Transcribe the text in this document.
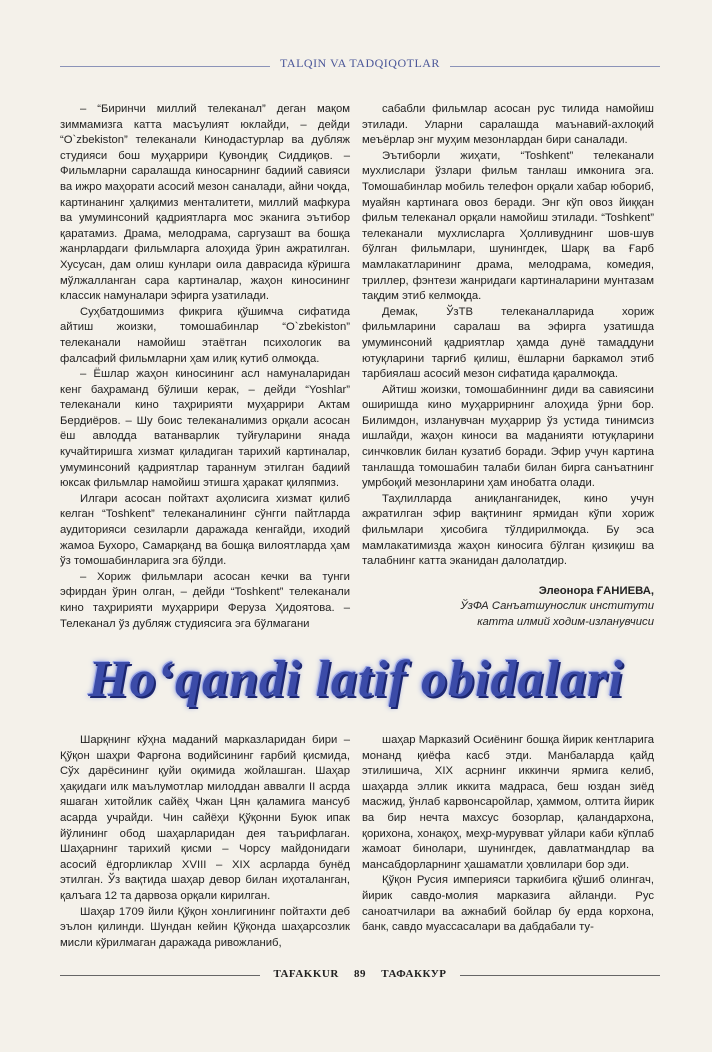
TALQIN VA TADQIQOTLAR

– “Биринчи миллий телеканал” деган мақом зиммамизга катта масъулият юклайди, – дейди “O`zbekiston” телеканали Кинодастурлар ва дубляж студияси бош муҳаррири Қувондиқ Сиддиқов. – Фильмларни саралашда киносарнинг бадиий савияси ва ижро маҳорати асосий мезон саналади, айни чоқда, картинанинг ҳалқимиз менталитети, миллий мафкура ва умуминсоний қадриятларга мос эканига эътибор қаратамиз. Драма, мелодрама, саргузашт ва бошқа жанрлардаги фильмларга алоҳида ўрин ажратилган. Хусусан, дам олиш кунлари оила даврасида кўришга мўлжалланган сара картиналар, жаҳон киносининг классик намуналари эфирга узатилади.

Суҳбатдошимиз фикрига қўшимча сифатида айтиш жоизки, томошабинлар “O`zbekiston” телеканали намойиш этаётган психологик ва фалсафий фильмларни ҳам илиқ кутиб олмоқда.

– Ёшлар жаҳон киносининг асл намуналаридан кенг баҳраманд бўлиши керак, – дейди “Yoshlar” телеканали кино таҳририяти муҳаррири Актам Бердиёров. – Шу боис телеканалимиз орқали асосан ёш авлодда ватанварлик туйғуларини янада кучайтиришга хизмат қиладиган тарихий картиналар, умуминсоний қадриятлар тараннум этилган бадиий юксак фильмлар намойиш этишга ҳаракат қиляпмиз.

Илгари асосан пойтахт аҳолисига хизмат қилиб келган “Toshkent” телеканалининг сўнгги пайтларда аудиторияси сезиларли даражада кенгайди, иходий жамоа Бухоро, Самарқанд ва бошқа вилоятларда ҳам ўз томошабинларига эга бўлди.

– Хориж фильмлари асосан кечки ва тунги эфирдан ўрин олган, – дейди “Toshkent” телеканали кино таҳририяти муҳаррири Феруза Ҳидоятова. – Телеканал ўз дубляж студиясига эга бўлмагани

сабабли фильмлар асосан рус тилида намойиш этилади. Уларни саралашда маънавий-ахлоқий меъёрлар энг муҳим мезонлардан бири саналади.

Эътиборли жиҳати, “Toshkent” телеканали мухлислари ўзлари фильм танлаш имконига эга. Томошабинлар мобиль телефон орқали хабар юбориб, муайян картинага овоз беради. Энг кўп овоз йиққан фильм телеканал орқали намойиш этилади. “Toshkent” телеканали мухлисларга Ҳолливуднинг шов-шув бўлган фильмлари, шунингдек, Шарқ ва Ғарб мамлакатларининг драма, мелодрама, комедия, триллер, фэнтези жанридаги картиналарини мунтазам тақдим этиб келмоқда.

Демак, ЎзТВ телеканалларида хориж фильмларини саралаш ва эфирга узатишда умуминсоний қадриятлар ҳамда дунё тамаддуни ютуқларини тарғиб қилиш, ёшларни баркамол этиб тарбиялаш асосий мезон сифатида қаралмоқда.

Айтиш жоизки, томошабиннинг диди ва савиясини оширишда кино муҳаррирнинг алоҳида ўрни бор. Билимдон, изланувчан муҳаррир ўз устида тинимсиз ишлайди, жаҳон киноси ва маданияти ютуқларини синчковлик билан кузатиб боради. Эфир учун картина танлашда томошабин талаби билан бирга санъатнинг умрбоқий мезонларини ҳам инобатга олади.

Таҳлилларда аниқланганидек, кино учун ажратилган эфир вақтининг ярмидан кўпи хориж фильмлари ҳисобига тўлдирилмоқда. Бу эса мамлакатимизда жаҳон киносига бўлган қизиқиш ва талабнинг катта эканидан далолатдир.

Элеонора ҒАНИЕВА,

ЎзФА Санъатшунослик институти

катта илмий ходим-изланувчиси

Ho‘qandi latif obidalari

Шарқнинг кўҳна маданий марказларидан бири – Қўқон шаҳри Фарғона водийсининг ғарбий қисмида, Сўх дарёсининг қуйи оқимида жойлашган. Шаҳар ҳақидаги илк маълумотлар милоддан аввалги II асрда яшаган хитойлик сайёҳ Чжан Цян қаламига мансуб асарда учрайди. Чин сайёҳи Қўқонни Буюк ипак йўлининг обод шаҳарларидан дея таърифлаган. Шаҳарнинг тарихий қисми – Чорсу майдонидаги асосий ёдгорликлар XVIII – XIX асрларда бунёд этилган. Ўз вақтида шаҳар девор билан иҳоталанган, қалъага 12 та дарвоза орқали кирилган.

Шаҳар 1709 йили Қўқон хонлигининг пойтахти деб эълон қилинди. Шундан кейин Қўқонда шаҳарсозлик мисли кўрилмаган даражада ривожланиб,

шаҳар Марказий Осиёнинг бошқа йирик кентларига монанд қиёфа касб этди. Манбаларда қайд этилишича, XIX асрнинг иккинчи ярмига келиб, шаҳарда эллик иккита мадраса, беш юздан зиёд масжид, ўнлаб карвонсаройлар, ҳаммом, олтита йирик ва бир нечта махсус бозорлар, қаландархона, қорихона, хонақоҳ, меҳр-мурувват уйлари каби кўплаб жамоат бинолари, шунингдек, давлатмандлар ва мансабдорларнинг ҳашаматли ҳовлилари бор эди.

Қўқон Русия империяси таркибига қўшиб олингач, йирик савдо-молия марказига айланди. Рус саноатчилари ва ажнабий бойлар бу ерда корхона, банк, савдо муассасалари ва дабдабали ту-

TAFAKKUR 89 ТАФАККУР
